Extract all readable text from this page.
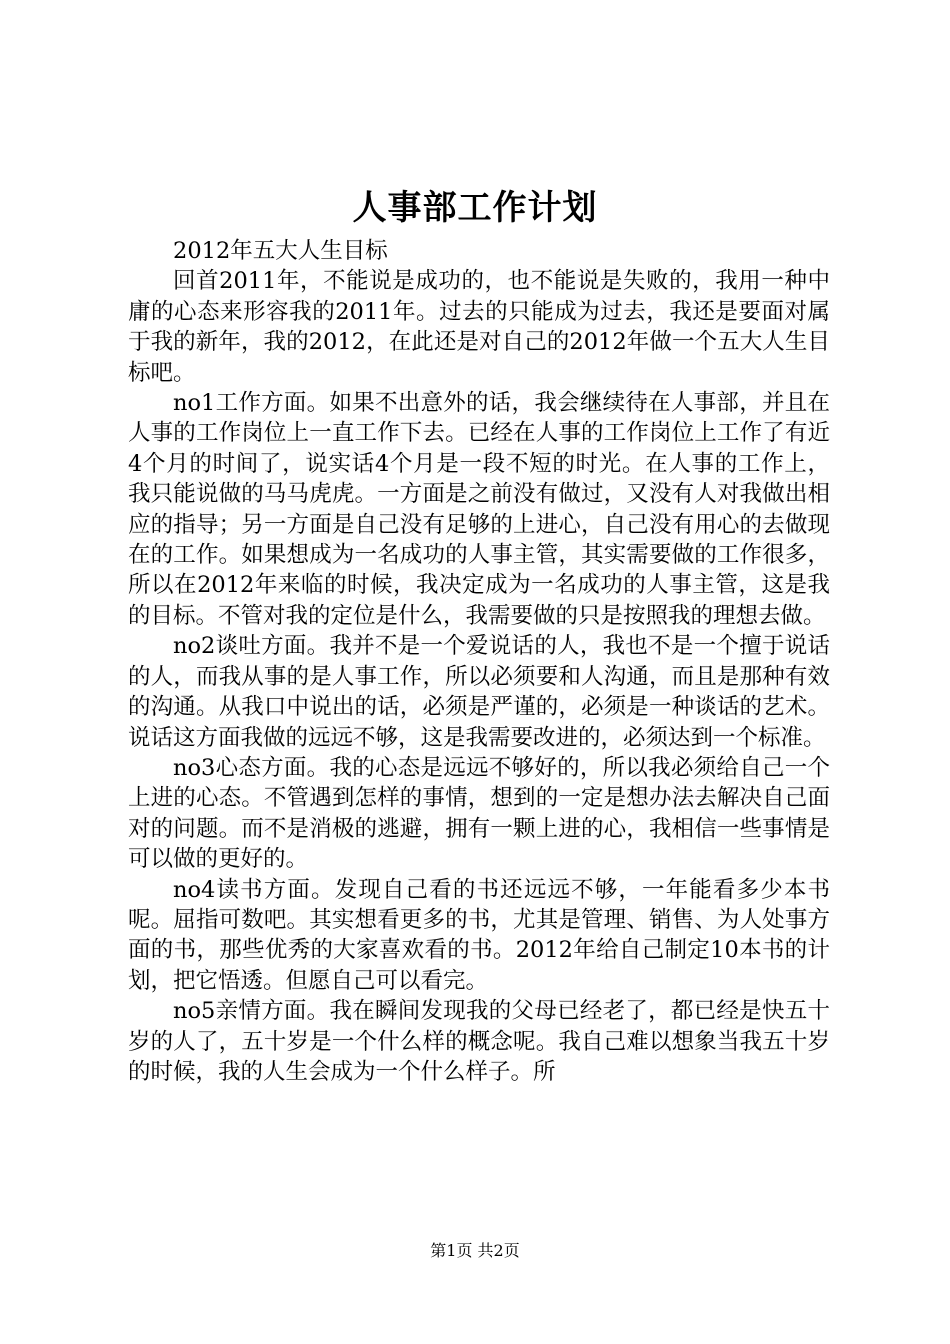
人事部工作计划

2012年五大人生目标

回首2011年，不能说是成功的，也不能说是失败的，我用一种中庸的心态来形容我的2011年。过去的只能成为过去，我还是要面对属于我的新年，我的2012，在此还是对自己的2012年做一个五大人生目标吧。

no1工作方面。如果不出意外的话，我会继续待在人事部，并且在人事的工作岗位上一直工作下去。已经在人事的工作岗位上工作了有近4个月的时间了，说实话4个月是一段不短的时光。在人事的工作上，我只能说做的马马虎虎。一方面是之前没有做过，又没有人对我做出相应的指导；另一方面是自己没有足够的上进心，自己没有用心的去做现在的工作。如果想成为一名成功的人事主管，其实需要做的工作很多，所以在2012年来临的时候，我决定成为一名成功的人事主管，这是我的目标。不管对我的定位是什么，我需要做的只是按照我的理想去做。

no2谈吐方面。我并不是一个爱说话的人，我也不是一个擅于说话的人，而我从事的是人事工作，所以必须要和人沟通，而且是那种有效的沟通。从我口中说出的话，必须是严谨的，必须是一种谈话的艺术。说话这方面我做的远远不够，这是我需要改进的，必须达到一个标准。

no3心态方面。我的心态是远远不够好的，所以我必须给自己一个上进的心态。不管遇到怎样的事情，想到的一定是想办法去解决自己面对的问题。而不是消极的逃避，拥有一颗上进的心，我相信一些事情是可以做的更好的。

no4读书方面。发现自己看的书还远远不够，一年能看多少本书呢。屈指可数吧。其实想看更多的书，尤其是管理、销售、为人处事方面的书，那些优秀的大家喜欢看的书。2012年给自己制定10本书的计划，把它悟透。但愿自己可以看完。

no5亲情方面。我在瞬间发现我的父母已经老了，都已经是快五十岁的人了，五十岁是一个什么样的概念呢。我自己难以想象当我五十岁的时候，我的人生会成为一个什么样子。所

第1页 共2页
